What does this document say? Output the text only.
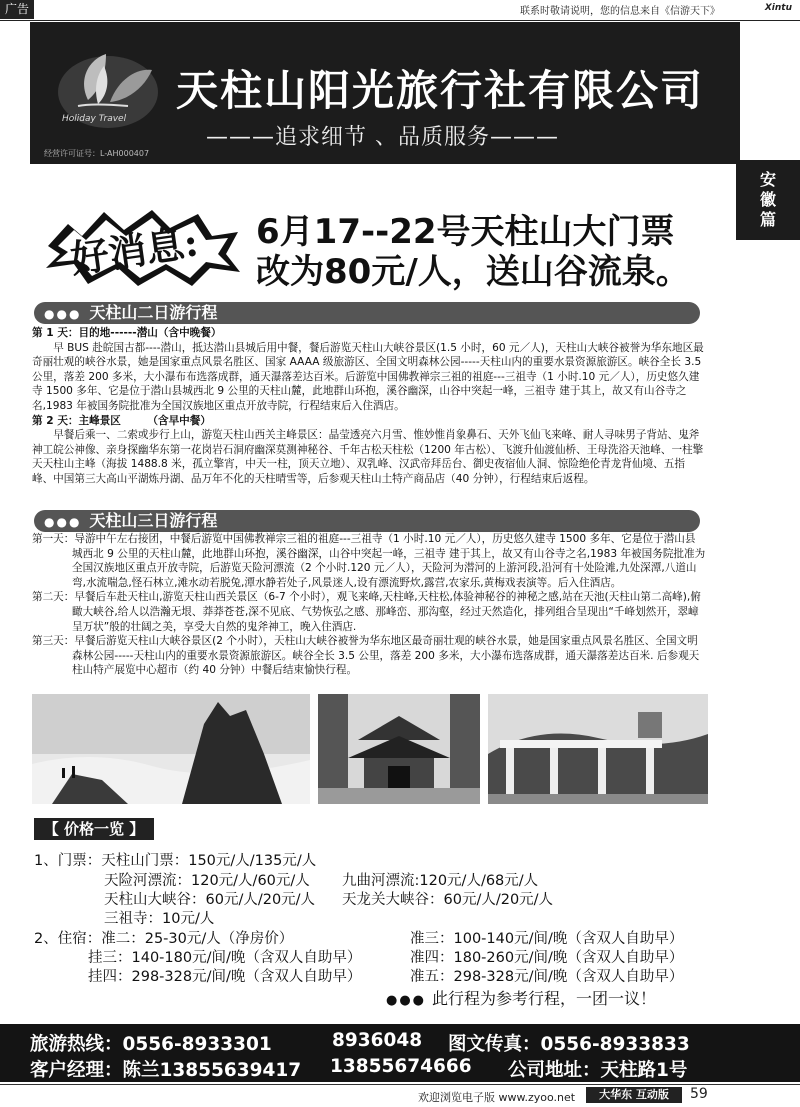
广告	联系时敬请说明，您的信息来自《信游天下》	Xintu
Holiday Travel
天柱山阳光旅行社有限公司
———追求细节 、品质服务———
经营许可证号：L-AH000407
安徽篇
好消息: 6月17--22号天柱山大门票
改为80元/人，送山谷流泉。
●●● 天柱山二日游行程
第 1 天：目的地------潜山（含中晚餐）
早 BUS 赴皖国古都----潜山，抵达潜山县城后用中餐，餐后游览天柱山大峡谷景区(1.5 小时，60 元／人)，天柱山大峡谷被誉为华东地区最奇丽壮观的峡谷水景，她是国家重点风景名胜区、国家 AAAA 级旅游区、全国文明森林公园-----天柱山内的重要水景资源旅游区。峡谷全长 3.5 公里，落差 200 多米，大小瀑布布选落成群，通天瀑落差达百米。后游览中国佛教禅宗三祖的祖庭---三祖寺（1 小时.10 元／人），历史悠久建寺 1500 多年、它是位于潜山县城西北 9 公里的天柱山麓，此地群山环抱，溪谷幽深，山谷中突起一峰，三祖寺 建于其上，故又有山谷寺之名,1983 年被国务院批准为全国汉族地区重点开放寺院，行程结束后入住酒店。
第 2 天：主峰景区　　　（含早中餐）
早餐后乘一、二索或步行上山，游览天柱山西关主峰景区：晶莹透亮六月雪、惟妙惟肖象鼻石、天外飞仙飞来峰、耐人寻味男子背站、鬼斧神工皖公神像、亲身探幽华东第一花岗岩石洞府幽深莫测神秘谷、千年古松天柱松（1200 年古松）、飞渡升仙渡仙桥、王母洗浴天池峰、一柱擎天天柱山主峰（海拔 1488.8 米，孤立擎宵，中天一柱，顶天立地）、双乳峰、汉武帝拜岳台、御史夜宿仙人洞、惊险绝伦青龙背仙境、五指峰、中国第三大高山平湖炼丹湖、品万年不化的天柱晴雪等，后参观天柱山土特产商品店（40 分钟），行程结束后返程。
●●● 天柱山三日游行程
第一天：导游中午左右接团，中餐后游览中国佛教禅宗三祖的祖庭---三祖寺（1 小时.10 元／人），历史悠久建寺 1500 多年、它是位于潜山县城西北 9 公里的天柱山麓，此地群山环抱，溪谷幽深，山谷中突起一峰，三祖寺 建于其上，故又有山谷寺之名,1983 年被国务院批准为全国汉族地区重点开放寺院，后游览天险河漂流（2 个小时.120 元／人），天险河为潜河的上游河段,沿河有十处险滩,九处深潭,八道山弯,水流喘急,怪石林立,滩水动若脱兔,潭水静若处子,风景迷人,设有漂流野炊,露营,农家乐,黄梅戏表演等。后入住酒店。
第二天：早餐后车赴天柱山,游览天柱山西关景区（6-7 个小时），观飞来峰,天柱峰,天柱松,体验神秘谷的神秘之感,站在天池(天柱山第二高峰),俯瞰大峡谷,给人以浩瀚无垠、莽莽苍苍,深不见底、气势恢弘之感、那峰峦、那沟壑，经过天然造化，排列组合呈现出“千峰划然开，翠嶂呈万状”般的壮阔之美，享受大自然的鬼斧神工，晚入住酒店.
第三天：早餐后游览天柱山大峡谷景区(2 个小时），天柱山大峡谷被誉为华东地区最奇丽壮观的峡谷水景，她是国家重点风景名胜区、全国文明森林公园-----天柱山内的重要水景资源旅游区。峡谷全长 3.5 公里，落差 200 多米，大小瀑布选落成群，通天瀑落差达百米. 后参观天柱山特产展览中心超市（约 40 分钟）中餐后结束愉快行程。
【 价格一览 】
1、门票：天柱山门票：150元/人/135元/人
天险河漂流：120元/人/60元/人 九曲河漂流:120元/人/68元/人
天柱山大峡谷：60元/人/20元/人 天龙关大峡谷：60元/人/20元/人
三祖寺：10元/人
2、住宿：准二：25-30元/人（净房价）	准三：100-140元/间/晚（含双人自助早）
挂三：140-180元/间/晚（含双人自助早）	准四：180-260元/间/晚（含双人自助早）
挂四：298-328元/间/晚（含双人自助早）	准五：298-328元/间/晚（含双人自助早）
●●● 此行程为参考行程，一团一议！
旅游热线：0556-8933301	8936048 图文传真：0556-8933833
客户经理：陈兰13855639417 13855674666 公司地址：天柱路1号
欢迎浏览电子版 www.zyoo.net	大华东 互动版	59
